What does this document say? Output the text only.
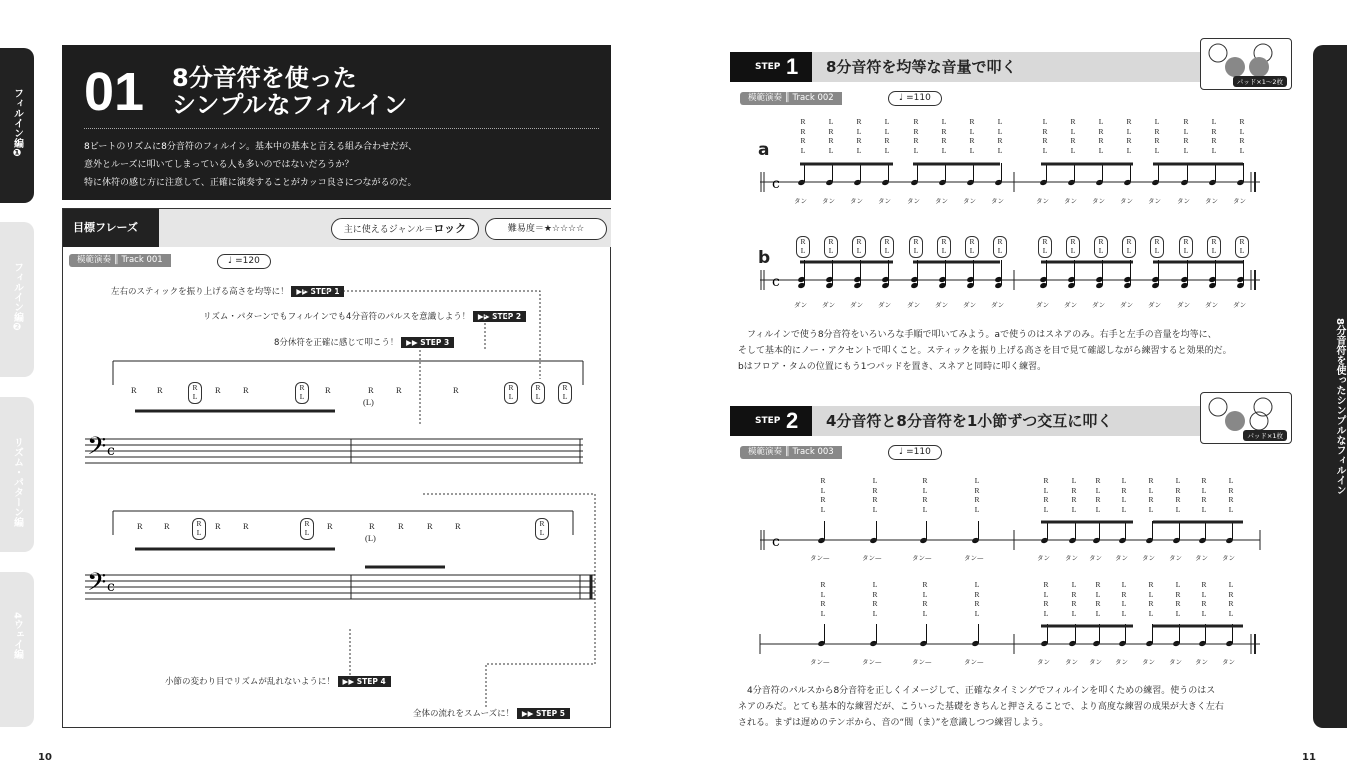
フィルイン編❶
フィルイン編❷
リズム・パターン編
4ウェイ編
01 8分音符を使った
シンプルなフィルイン
8ビートのリズムに8分音符のフィルイン。基本中の基本と言える組み合わせだが、
意外とルーズに叩いてしまっている人も多いのではないだろうか？
特に休符の感じ方に注意して、正確に演奏することがカッコ良さにつながるのだ。
目標フレーズ	主に使えるジャンル＝ロック	難易度＝★☆☆☆☆
模範演奏 ║ Track 001	♩ =120
左右のスティックを振り上げる高さを均等に！ ▶▶ STEP 1
リズム・パターンでもフィルインでも4分音符のパルスを意識しよう！ ▶▶ STEP 2
8分休符を正確に感じて叩こう！ ▶▶ STEP 3
小節の変わり目でリズムが乱れないように！ ▶▶ STEP 4
全体の流れをスムーズに！ ▶▶ STEP 5
𝄢 c
R R	R
L
R	R	R
L
R	R
(L)
R	R	R
L
R
L
R
L
𝄢 c
R	R	R
L
R	R	R
L
R	R
(L)
R	R	R	R
L
STEP 1 8分音符を均等な音量で叩く
パッド×1〜2枚
模範演奏 ║ Track 002	♩ =110
a
R
R
R
L
タン
L
R
R
L
タン
R
L
R
L
タン
L
L
R
L
タン
R
R
R
L
タン
L
R
R
L
タン
R
L
R
L
タン
L
L
R
L
タン
L
R
R
L
タン
R
L
R
L
タン
L
R
R
L
タン
R
L
R
L
タン
L
R
R
L
タン
R
L
R
L
タン
L
R
R
L
タン
R
L
R
L
タン
c
b
c
R
L
ダン
R
L
ダン
R
L
ダン
R
L
ダン
R
L
ダン
R
L
ダン
R
L
ダン
R
L
ダン
R
L
ダン
R
L
ダン
R
L
ダン
R
L
ダン
R
L
ダン
R
L
ダン
R
L
ダン
R
L
ダン
　フィルインで使う8分音符をいろいろな手順で叩いてみよう。aで使うのはスネアのみ。右手と左手の音量を均等に、
そして基本的にノー・アクセントで叩くこと。スティックを振り上げる高さを目で見て確認しながら練習すると効果的だ。
bはフロア・タムの位置にもう1つパッドを置き、スネアと同時に叩く練習。
STEP 2 4分音符と8分音符を1小節ずつ交互に叩く
パッド×1枚
模範演奏 ║ Track 003	♩ =110
R
L
R
L
タン—
L
R
R
L
タン—
R
L
R
L
タン—
L
R
R
L
タン—
R
L
R
L
タン
L
R
R
L
タン
R
L
R
L
タン
L
R
L
L
タン
R
L
R
L
タン
L
R
R
L
タン
R
L
R
L
タン
L
R
R
L
タン
c
R
L
R
L
タン—
L
R
R
L
タン—
R
L
R
L
タン—
L
R
R
L
タン—
R
L
R
L
タン
L
R
R
L
タン
R
L
R
L
タン
L
R
L
L
タン
R
L
R
L
タン
L
R
R
L
タン
R
L
R
L
タン
L
R
R
L
タン
　4分音符のパルスから8分音符を正しくイメージして、正確なタイミングでフィルインを叩くための練習。使うのはス
ネアのみだ。とても基本的な練習だが、こういった基礎をきちんと押さえることで、より高度な練習の成果が大きく左右
される。まずは遅めのテンポから、音の“間（ま）”を意識しつつ練習しよう。
8分音符を使ったシンプルなフィルイン
10	11
